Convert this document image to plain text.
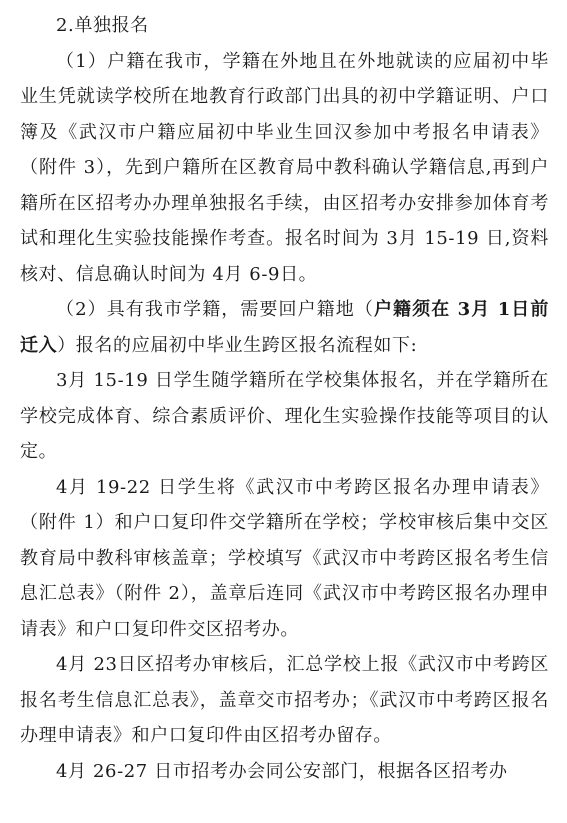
2.单独报名

（1）户籍在我市，学籍在外地且在外地就读的应届初中毕业生凭就读学校所在地教育行政部门出具的初中学籍证明、户口簿及《武汉市户籍应届初中毕业生回汉参加中考报名申请表》（附件 3），先到户籍所在区教育局中教科确认学籍信息,再到户籍所在区招考办办理单独报名手续，由区招考办安排参加体育考试和理化生实验技能操作考查。报名时间为 3月 15-19 日,资料核对、信息确认时间为 4月 6-9日。

（2）具有我市学籍，需要回户籍地（户籍须在 3月 1日前迁入）报名的应届初中毕业生跨区报名流程如下:

3月 15-19 日学生随学籍所在学校集体报名，并在学籍所在学校完成体育、综合素质评价、理化生实验操作技能等项目的认定。

4月 19-22 日学生将《武汉市中考跨区报名办理申请表》（附件 1）和户口复印件交学籍所在学校；学校审核后集中交区教育局中教科审核盖章；学校填写《武汉市中考跨区报名考生信息汇总表》（附件 2），盖章后连同《武汉市中考跨区报名办理申请表》和户口复印件交区招考办。

4月 23日区招考办审核后，汇总学校上报《武汉市中考跨区报名考生信息汇总表》，盖章交市招考办；《武汉市中考跨区报名办理申请表》和户口复印件由区招考办留存。

4月 26-27 日市招考办会同公安部门，根据各区招考办
